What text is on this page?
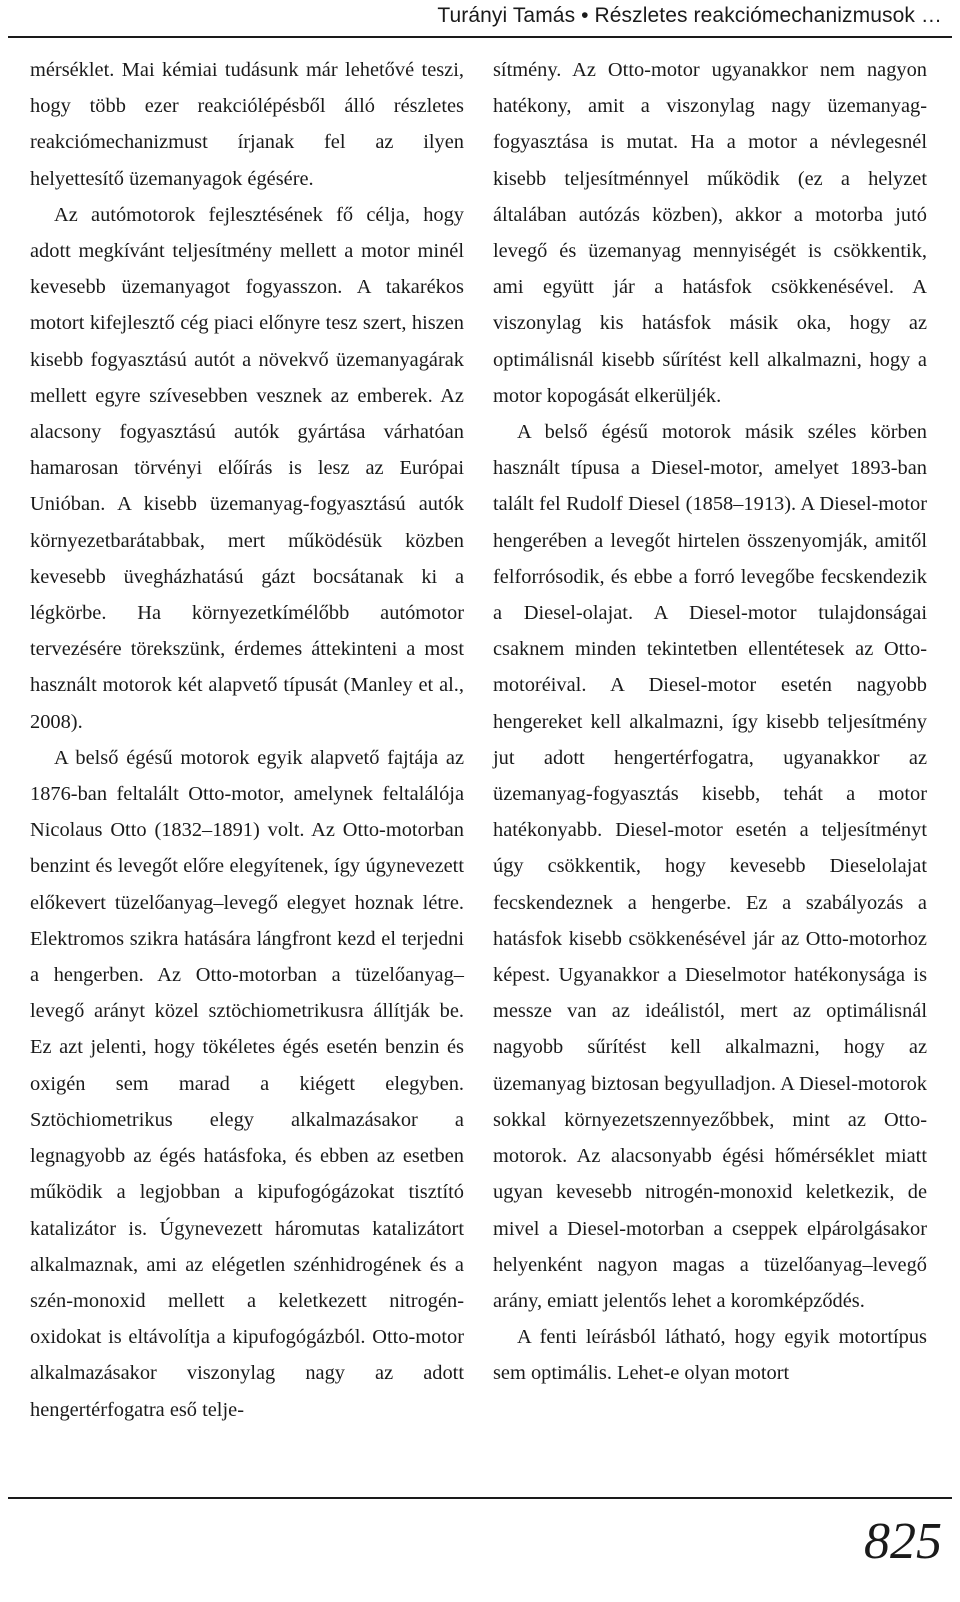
Turányi Tamás • Részletes reakciómechanizmusok …

mérséklet. Mai kémiai tudásunk már lehetővé teszi, hogy több ezer reakciólépésből álló részletes reakciómechanizmust írjanak fel az ilyen helyettesítő üzemanyagok égésére.

Az autómotorok fejlesztésének fő célja, hogy adott megkívánt teljesítmény mellett a motor minél kevesebb üzemanyagot fogyasszon. A takarékos motort kifejlesztő cég piaci előnyre tesz szert, hiszen kisebb fogyasztású autót a növekvő üzemanyagárak mellett egyre szívesebben vesznek az emberek. Az alacsony fogyasztású autók gyártása várhatóan hamarosan törvényi előírás is lesz az Európai Unióban. A kisebb üzemanyag-fogyasztású autók környezetbarátabbak, mert működésük közben kevesebb üvegházhatású gázt bocsátanak ki a légkörbe. Ha környezetkímélőbb autómotor tervezésére törekszünk, érdemes áttekinteni a most használt motorok két alapvető típusát (Manley et al., 2008).

A belső égésű motorok egyik alapvető fajtája az 1876-ban feltalált Otto-motor, amelynek feltalálója Nicolaus Otto (1832–1891) volt. Az Otto-motorban benzint és levegőt előre elegyítenek, így úgynevezett előkevert tüzelőanyag–levegő elegyet hoznak létre. Elektromos szikra hatására lángfront kezd el terjedni a hengerben. Az Otto-motorban a tüzelőanyag–levegő arányt közel sztöchiometrikusra állítják be. Ez azt jelenti, hogy tökéletes égés esetén benzin és oxigén sem marad a kiégett elegyben. Sztöchiometrikus elegy alkalmazásakor a legnagyobb az égés hatásfoka, és ebben az esetben működik a legjobban a kipufogógázokat tisztító katalizátor is. Úgynevezett háromutas katalizátort alkalmaznak, ami az elégetlen szénhidrogének és a szén-monoxid mellett a keletkezett nitrogén-oxidokat is eltávolítja a kipufogógázból. Otto-motor alkalmazásakor viszonylag nagy az adott hengertérfogatra eső telje-

sítmény. Az Otto-motor ugyanakkor nem nagyon hatékony, amit a viszonylag nagy üzemanyag-fogyasztása is mutat. Ha a motor a névlegesnél kisebb teljesítménnyel működik (ez a helyzet általában autózás közben), akkor a motorba jutó levegő és üzemanyag mennyiségét is csökkentik, ami együtt jár a hatásfok csökkenésével. A viszonylag kis hatásfok másik oka, hogy az optimálisnál kisebb sűrítést kell alkalmazni, hogy a motor kopogását elkerüljék.

A belső égésű motorok másik széles körben használt típusa a Diesel-motor, amelyet 1893-ban talált fel Rudolf Diesel (1858–1913). A Diesel-motor hengerében a levegőt hirtelen összenyomják, amitől felforrósodik, és ebbe a forró levegőbe fecskendezik a Diesel-olajat. A Diesel-motor tulajdonságai csaknem minden tekintetben ellentétesek az Otto-motoréival. A Diesel-motor esetén nagyobb hengereket kell alkalmazni, így kisebb teljesítmény jut adott hengertérfogatra, ugyanakkor az üzemanyag-fogyasztás kisebb, tehát a motor hatékonyabb. Diesel-motor esetén a teljesítményt úgy csökkentik, hogy kevesebb Dieselolajat fecskendeznek a hengerbe. Ez a szabályozás a hatásfok kisebb csökkenésével jár az Otto-motorhoz képest. Ugyanakkor a Dieselmotor hatékonysága is messze van az ideálistól, mert az optimálisnál nagyobb sűrítést kell alkalmazni, hogy az üzemanyag biztosan begyulladjon. A Diesel-motorok sokkal környezetszennyezőbbek, mint az Otto-motorok. Az alacsonyabb égési hőmérséklet miatt ugyan kevesebb nitrogén-monoxid keletkezik, de mivel a Diesel-motorban a cseppek elpárolgásakor helyenként nagyon magas a tüzelőanyag–levegő arány, emiatt jelentős lehet a koromképződés.

A fenti leírásból látható, hogy egyik motortípus sem optimális. Lehet-e olyan motort

825
